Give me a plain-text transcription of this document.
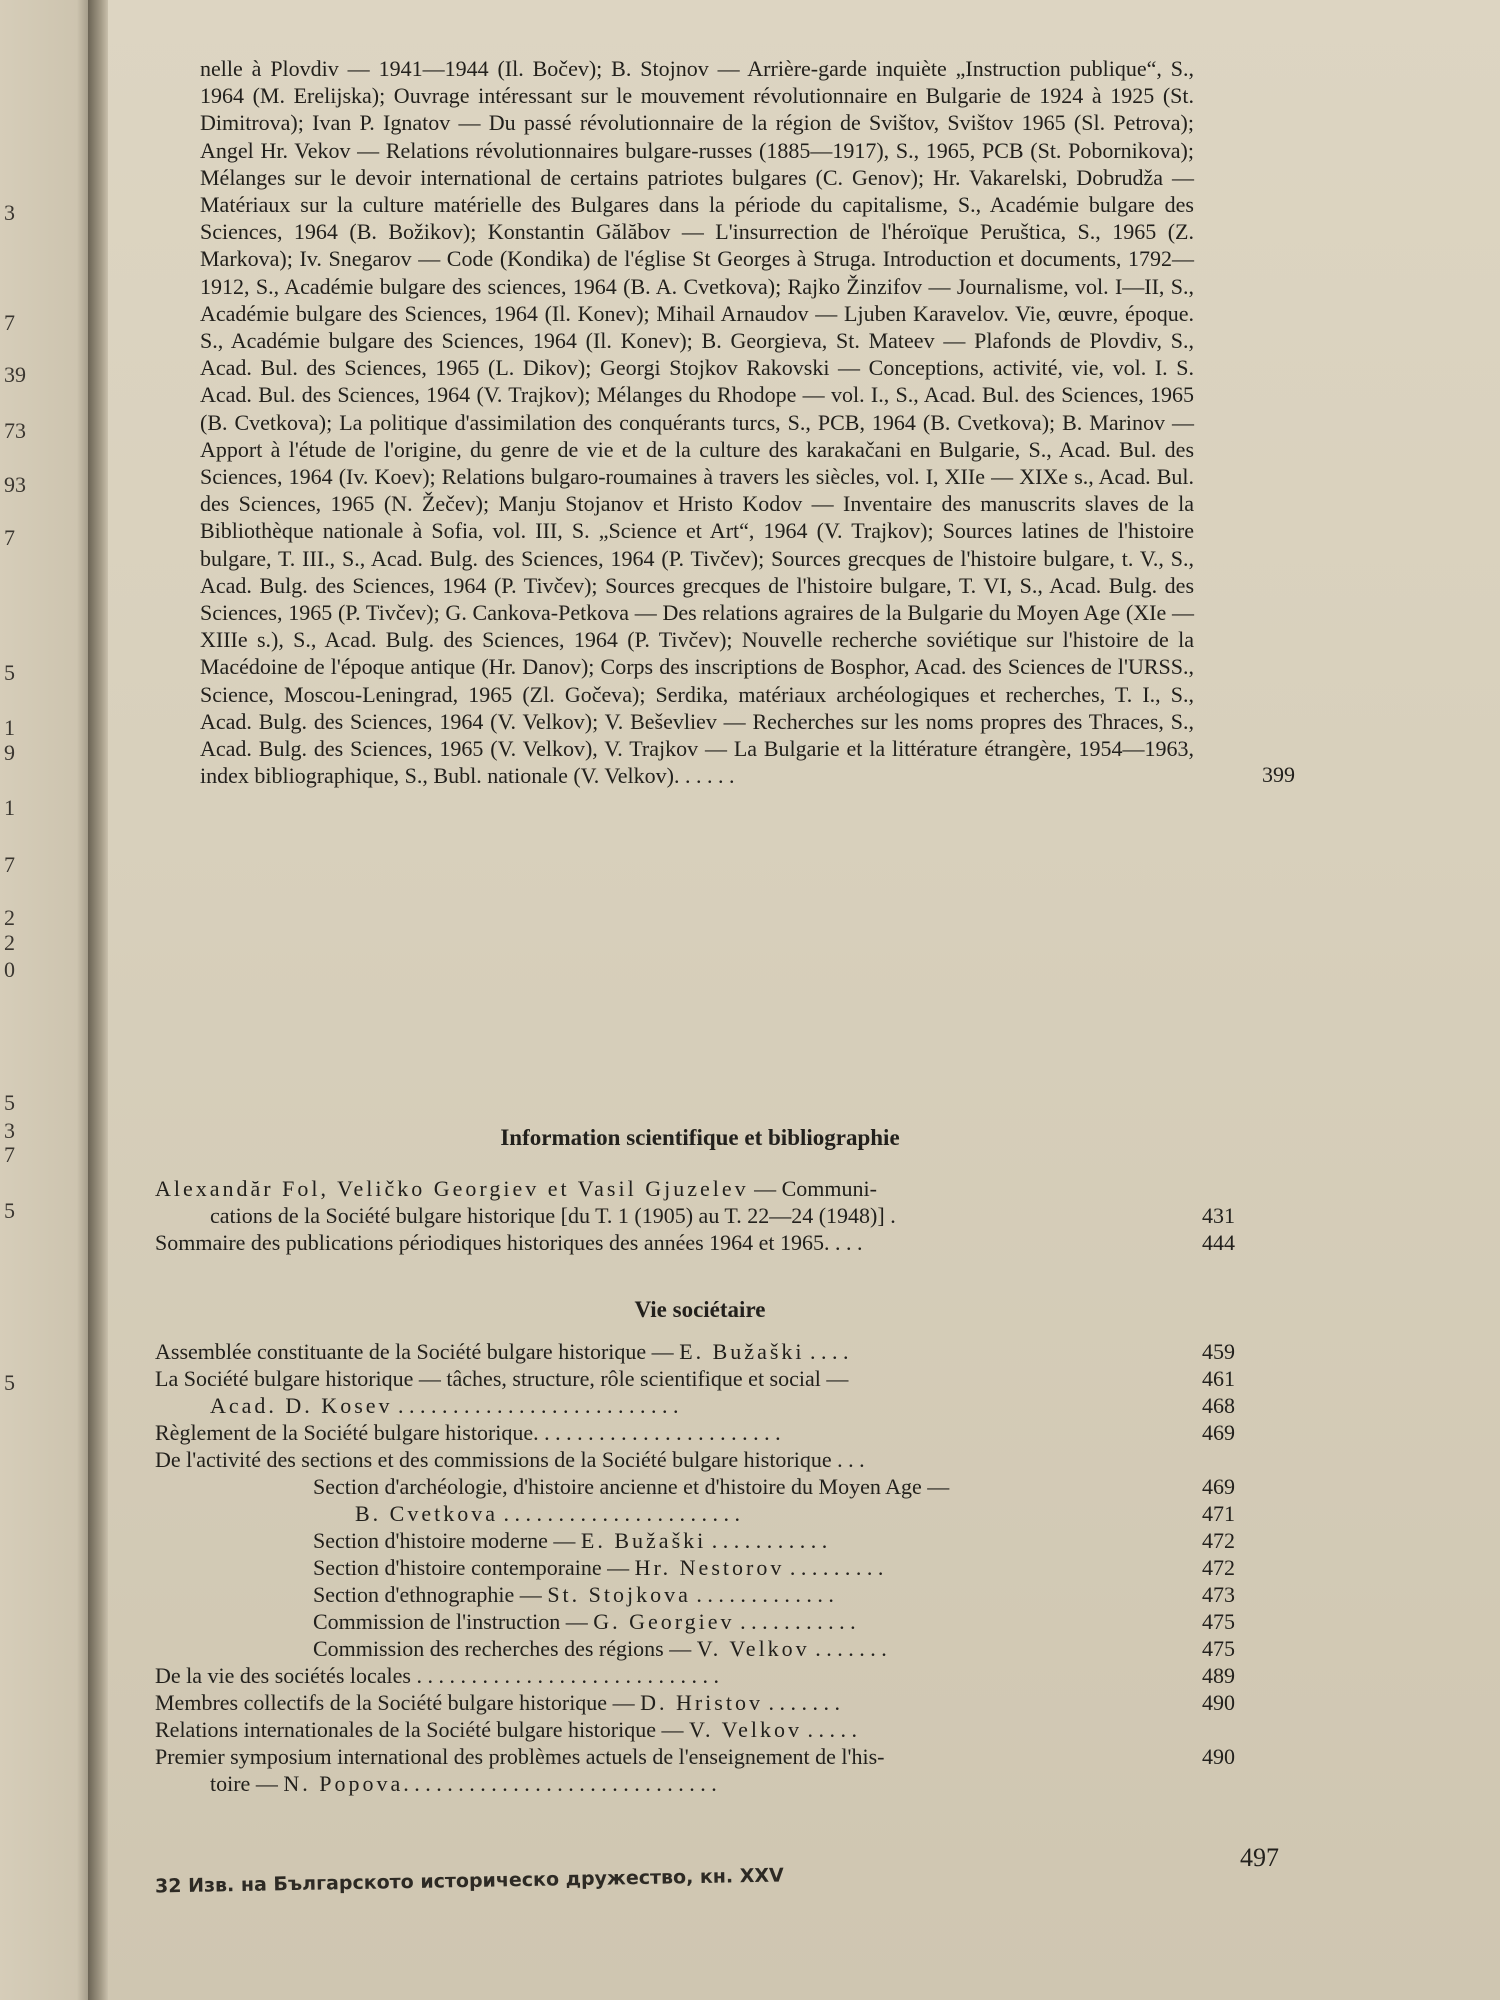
3
7
39
73
93
7
5
1
9
1
7
2
2
0
5
3
7
5
5

nelle à Plovdiv — 1941—1944 (Il. Bočev); B. Stojnov — Arrière-garde inquiète „Instruction publique“, S., 1964 (M. Erelijska); Ouvrage intéressant sur le mouvement révolutionnaire en Bulgarie de 1924 à 1925 (St. Dimitrova); Ivan P. Ignatov — Du passé révolutionnaire de la région de Svištov, Svištov 1965 (Sl. Petrova); Angel Hr. Vekov — Relations révolutionnaires bulgare-russes (1885—1917), S., 1965, PCB (St. Pobornikova); Mélanges sur le devoir international de certains patriotes bulgares (C. Genov); Hr. Vakarelski, Dobrudža — Matériaux sur la culture matérielle des Bulgares dans la période du capitalisme, S., Académie bulgare des Sciences, 1964 (B. Božikov); Konstantin Gălăbov — L'insurrection de l'héroïque Peruštica, S., 1965 (Z. Markova); Iv. Snegarov — Code (Kondika) de l'église St Georges à Struga. Introduction et documents, 1792—1912, S., Académie bulgare des sciences, 1964 (B. A. Cvetkova); Rajko Žinzifov — Journalisme, vol. I—II, S., Académie bulgare des Sciences, 1964 (Il. Konev); Mihail Arnaudov — Ljuben Karavelov. Vie, œuvre, époque. S., Académie bulgare des Sciences, 1964 (Il. Konev); B. Georgieva, St. Mateev — Plafonds de Plovdiv, S., Acad. Bul. des Sciences, 1965 (L. Dikov); Georgi Stojkov Rakovski — Conceptions, activité, vie, vol. I. S. Acad. Bul. des Sciences, 1964 (V. Trajkov); Mélanges du Rhodope — vol. I., S., Acad. Bul. des Sciences, 1965 (B. Cvetkova); La politique d'assimilation des conquérants turcs, S., PCB, 1964 (B. Cvetkova); B. Marinov — Apport à l'étude de l'origine, du genre de vie et de la culture des karakačani en Bulgarie, S., Acad. Bul. des Sciences, 1964 (Iv. Koev); Relations bulgaro-roumaines à travers les siècles, vol. I, XIIe — XIXe s., Acad. Bul. des Sciences, 1965 (N. Žečev); Manju Stojanov et Hristo Kodov — Inventaire des manuscrits slaves de la Bibliothèque nationale à Sofia, vol. III, S. „Science et Art“, 1964 (V. Trajkov); Sources latines de l'histoire bulgare, T. III., S., Acad. Bulg. des Sciences, 1964 (P. Tivčev); Sources grecques de l'histoire bulgare, t. V., S., Acad. Bulg. des Sciences, 1964 (P. Tivčev); Sources grecques de l'histoire bulgare, T. VI, S., Acad. Bulg. des Sciences, 1965 (P. Tivčev); G. Cankova-Petkova — Des relations agraires de la Bulgarie du Moyen Age (XIe —XIIIe s.), S., Acad. Bulg. des Sciences, 1964 (P. Tivčev); Nouvelle recherche soviétique sur l'histoire de la Macédoine de l'époque antique (Hr. Danov); Corps des inscriptions de Bosphor, Acad. des Sciences de l'URSS., Science, Moscou-Leningrad, 1965 (Zl. Gočeva); Serdika, matériaux archéologiques et recherches, T. I., S., Acad. Bulg. des Sciences, 1964 (V. Velkov); V. Beševliev — Recherches sur les noms propres des Thraces, S., Acad. Bulg. des Sciences, 1965 (V. Velkov), V. Trajkov — La Bulgarie et la littérature étrangère, 1954—1963, index bibliographique, S., Bubl. nationale (V. Velkov). . . . . .	399
Information scientifique et bibliographie
Alexandăr Fol, Veličko Georgiev et Vasil Gjuzelev — Communi-
cations de la Société bulgare historique [du T. 1 (1905) au T. 22—24 (1948)] .	431
Sommaire des publications périodiques historiques des années 1964 et 1965. . . .	444
Vie sociétaire
Assemblée constituante de la Société bulgare historique — E. Bužaški . . . .	459
La Société bulgare historique — tâches, structure, rôle scientifique et social —	461
Acad. D. Kosev . . . . . . . . . . . . . . . . . . . . . . . . . .	468
Règlement de la Société bulgare historique. . . . . . . . . . . . . . . . . . . . . . .	469
De l'activité des sections et des commissions de la Société bulgare historique . . .
Section d'archéologie, d'histoire ancienne et d'histoire du Moyen Age —	469
B. Cvetkova . . . . . . . . . . . . . . . . . . . . . .	471
Section d'histoire moderne — E. Bužaški . . . . . . . . . . .	472
Section d'histoire contemporaine — Hr. Nestorov . . . . . . . . .	472
Section d'ethnographie — St. Stojkova . . . . . . . . . . . . .	473
Commission de l'instruction — G. Georgiev . . . . . . . . . . .	475
Commission des recherches des régions — V. Velkov . . . . . . .	475
De la vie des sociétés locales . . . . . . . . . . . . . . . . . . . . . . . . . . . .	489
Membres collectifs de la Société bulgare historique — D. Hristov . . . . . . .	490
Relations internationales de la Société bulgare historique — V. Velkov . . . . .
Premier symposium international des problèmes actuels de l'enseignement de l'his-	490
toire — N. Popova. . . . . . . . . . . . . . . . . . . . . . . . . . . . .
497
32 Изв. на Българското историческо дружество, кн. XXV
